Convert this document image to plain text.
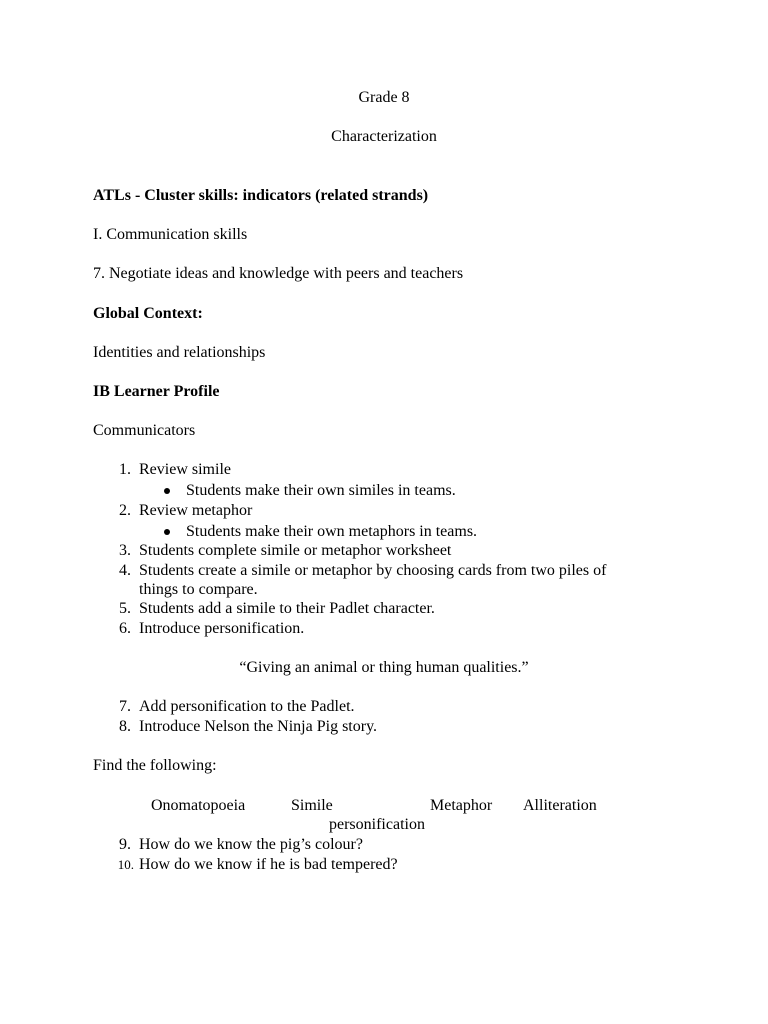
Grade 8
Characterization
ATLs - Cluster skills: indicators (related strands)
I. Communication skills
7. Negotiate ideas and knowledge with peers and teachers
Global Context:
Identities and relationships
IB Learner Profile
Communicators
1. Review simile
Students make their own similes in teams.
2. Review metaphor
Students make their own metaphors in teams.
3. Students complete simile or metaphor worksheet
4. Students create a simile or metaphor by choosing cards from two piles of
things to compare.
5. Students add a simile to their Padlet character.
6. Introduce personification.
“Giving an animal or thing human qualities.”
7. Add personification to the Padlet.
8. Introduce Nelson the Ninja Pig story.
Find the following:
Onomatopoeia	Simile	Metaphor Alliteration
personification
9. How do we know the pig’s colour?
10. How do we know if he is bad tempered?
